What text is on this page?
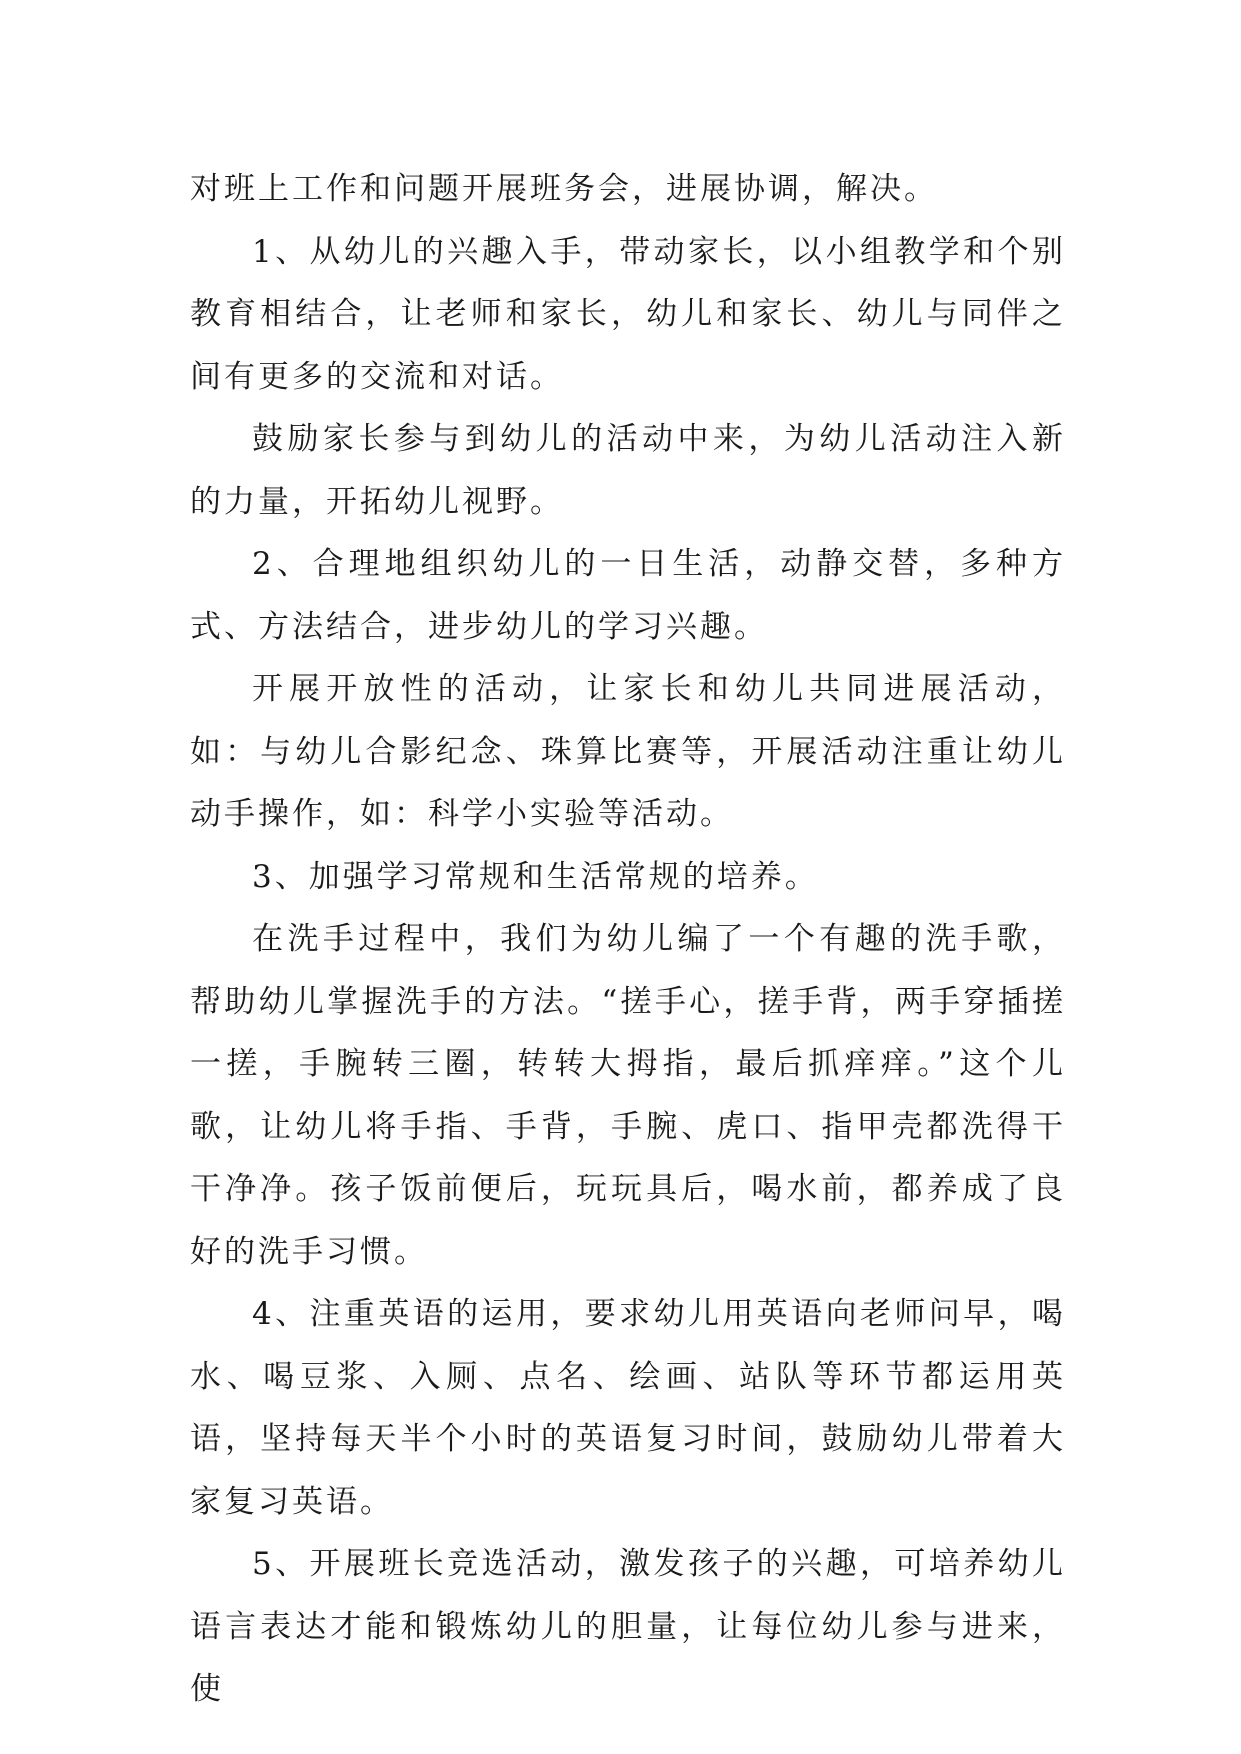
对班上工作和问题开展班务会，进展协调，解决。

1、从幼儿的兴趣入手，带动家长，以小组教学和个别教育相结合，让老师和家长，幼儿和家长、幼儿与同伴之间有更多的交流和对话。

鼓励家长参与到幼儿的活动中来，为幼儿活动注入新的力量，开拓幼儿视野。

2、合理地组织幼儿的一日生活，动静交替，多种方式、方法结合，进步幼儿的学习兴趣。

开展开放性的活动，让家长和幼儿共同进展活动，如：与幼儿合影纪念、珠算比赛等，开展活动注重让幼儿动手操作，如：科学小实验等活动。

3、加强学习常规和生活常规的培养。

在洗手过程中，我们为幼儿编了一个有趣的洗手歌，帮助幼儿掌握洗手的方法。“搓手心，搓手背，两手穿插搓一搓，手腕转三圈，转转大拇指，最后抓痒痒。”这个儿歌，让幼儿将手指、手背，手腕、虎口、指甲壳都洗得干干净净。孩子饭前便后，玩玩具后，喝水前，都养成了良好的洗手习惯。

4、注重英语的运用，要求幼儿用英语向老师问早，喝水、喝豆浆、入厕、点名、绘画、站队等环节都运用英语，坚持每天半个小时的英语复习时间，鼓励幼儿带着大家复习英语。

5、开展班长竞选活动，激发孩子的兴趣，可培养幼儿语言表达才能和锻炼幼儿的胆量，让每位幼儿参与进来，使
